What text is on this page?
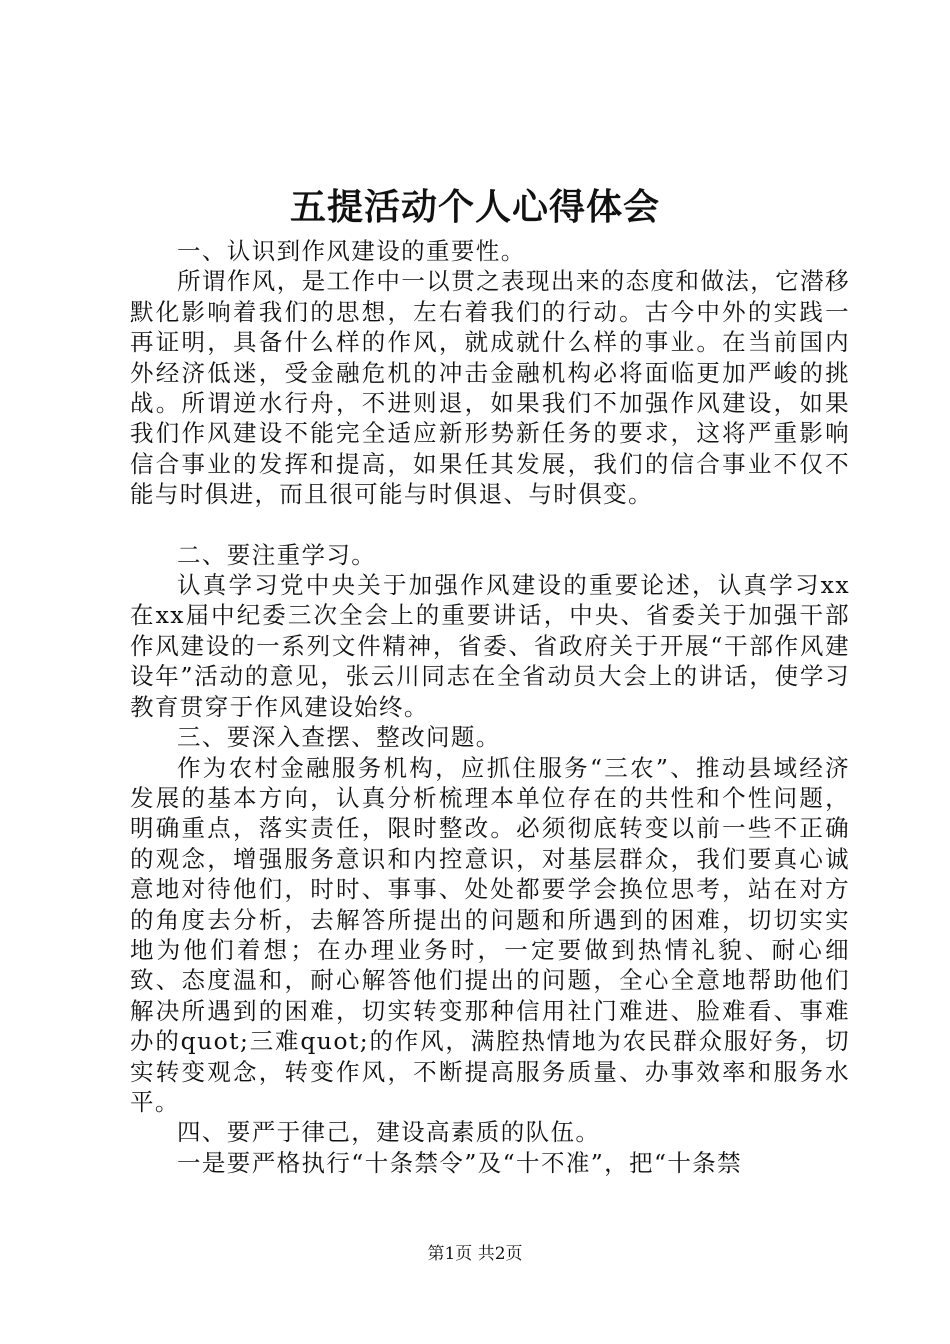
五提活动个人心得体会

一、认识到作风建设的重要性。

所谓作风，是工作中一以贯之表现出来的态度和做法，它潜移默化影响着我们的思想，左右着我们的行动。古今中外的实践一再证明，具备什么样的作风，就成就什么样的事业。在当前国内外经济低迷，受金融危机的冲击金融机构必将面临更加严峻的挑战。所谓逆水行舟，不进则退，如果我们不加强作风建设，如果我们作风建设不能完全适应新形势新任务的要求，这将严重影响信合事业的发挥和提高，如果任其发展，我们的信合事业不仅不能与时俱进，而且很可能与时俱退、与时俱变。

二、要注重学习。

认真学习党中央关于加强作风建设的重要论述，认真学习xx在xx届中纪委三次全会上的重要讲话，中央、省委关于加强干部作风建设的一系列文件精神，省委、省政府关于开展“干部作风建设年”活动的意见，张云川同志在全省动员大会上的讲话，使学习教育贯穿于作风建设始终。

三、要深入查摆、整改问题。

作为农村金融服务机构，应抓住服务“三农”、推动县域经济发展的基本方向，认真分析梳理本单位存在的共性和个性问题，明确重点，落实责任，限时整改。必须彻底转变以前一些不正确的观念，增强服务意识和内控意识，对基层群众，我们要真心诚意地对待他们，时时、事事、处处都要学会换位思考，站在对方的角度去分析，去解答所提出的问题和所遇到的困难，切切实实地为他们着想；在办理业务时，一定要做到热情礼貌、耐心细致、态度温和，耐心解答他们提出的问题，全心全意地帮助他们解决所遇到的困难，切实转变那种信用社门难进、脸难看、事难办的quot;三难quot;的作风，满腔热情地为农民群众服好务，切实转变观念，转变作风，不断提高服务质量、办事效率和服务水平。

四、要严于律己，建设高素质的队伍。

一是要严格执行“十条禁令”及“十不准”，把“十条禁

第1页 共2页
